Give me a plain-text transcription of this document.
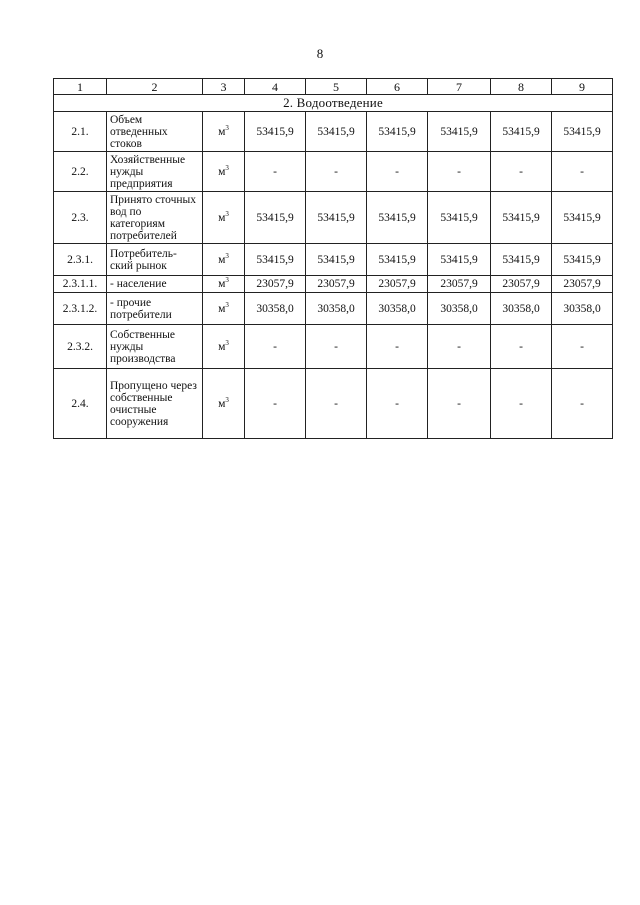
8
1	2	3	4	5	6	7	8	9
2. Водоотведение								
2.1.	Объем отведенных стоков	$м^3$	53415,9	53415,9	53415,9	53415,9	53415,9	53415,9
2.2.	Хозяйственные нужды предприятия	$м^3$	-	-	-	-	-	-
2.3.	Принято сточных вод по категориям потребителей	$м^3$	53415,9	53415,9	53415,9	53415,9	53415,9	53415,9
2.3.1.	Потребитель-ский рынок	$м^3$	53415,9	53415,9	53415,9	53415,9	53415,9	53415,9
2.3.1.1.	- население	$м^3$	23057,9	23057,9	23057,9	23057,9	23057,9	23057,9
2.3.1.2.	- прочие потребители	$м^3$	30358,0	30358,0	30358,0	30358,0	30358,0	30358,0
2.3.2.	Собственные нужды производства	$м^3$	-	-	-	-	-	-
2.4.	Пропущено через собственные очистные сооружения	$м^3$	-	-	-	-	-	-
